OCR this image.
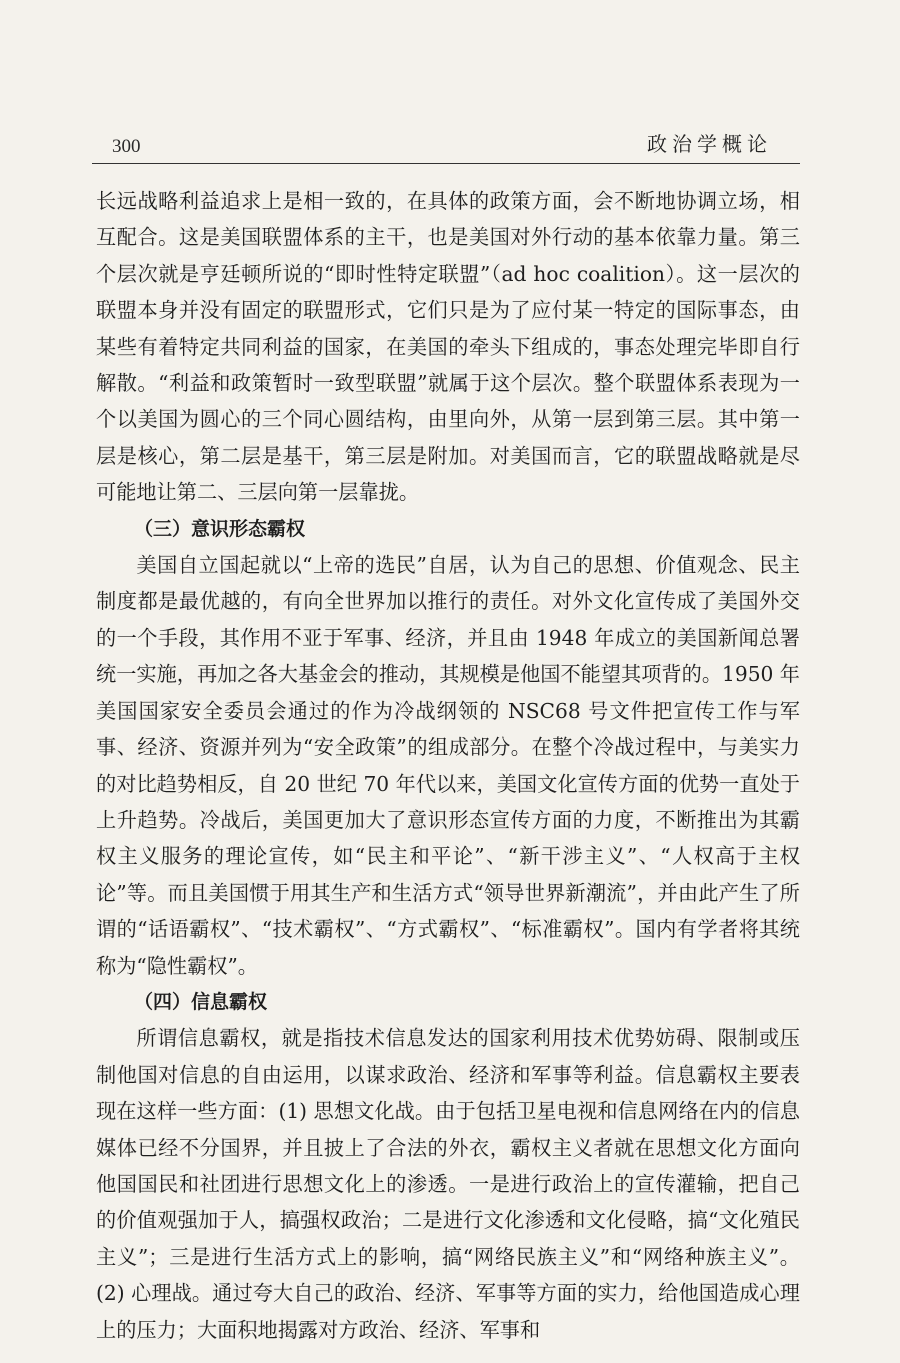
300	政治学概论

长远战略利益追求上是相一致的，在具体的政策方面，会不断地协调立场，相互配合。这是美国联盟体系的主干，也是美国对外行动的基本依靠力量。第三个层次就是亨廷顿所说的“即时性特定联盟”（ad hoc coalition）。这一层次的联盟本身并没有固定的联盟形式，它们只是为了应付某一特定的国际事态，由某些有着特定共同利益的国家，在美国的牵头下组成的，事态处理完毕即自行解散。“利益和政策暂时一致型联盟”就属于这个层次。整个联盟体系表现为一个以美国为圆心的三个同心圆结构，由里向外，从第一层到第三层。其中第一层是核心，第二层是基干，第三层是附加。对美国而言，它的联盟战略就是尽可能地让第二、三层向第一层靠拢。

（三）意识形态霸权

美国自立国起就以“上帝的选民”自居，认为自己的思想、价值观念、民主制度都是最优越的，有向全世界加以推行的责任。对外文化宣传成了美国外交的一个手段，其作用不亚于军事、经济，并且由 1948 年成立的美国新闻总署统一实施，再加之各大基金会的推动，其规模是他国不能望其项背的。1950 年美国国家安全委员会通过的作为冷战纲领的 NSC68 号文件把宣传工作与军事、经济、资源并列为“安全政策”的组成部分。在整个冷战过程中，与美实力的对比趋势相反，自 20 世纪 70 年代以来，美国文化宣传方面的优势一直处于上升趋势。冷战后，美国更加大了意识形态宣传方面的力度，不断推出为其霸权主义服务的理论宣传，如“民主和平论”、“新干涉主义”、“人权高于主权论”等。而且美国惯于用其生产和生活方式“领导世界新潮流”，并由此产生了所谓的“话语霸权”、“技术霸权”、“方式霸权”、“标准霸权”。国内有学者将其统称为“隐性霸权”。

（四）信息霸权

所谓信息霸权，就是指技术信息发达的国家利用技术优势妨碍、限制或压制他国对信息的自由运用，以谋求政治、经济和军事等利益。信息霸权主要表现在这样一些方面：(1) 思想文化战。由于包括卫星电视和信息网络在内的信息媒体已经不分国界，并且披上了合法的外衣，霸权主义者就在思想文化方面向他国国民和社团进行思想文化上的渗透。一是进行政治上的宣传灌输，把自己的价值观强加于人，搞强权政治；二是进行文化渗透和文化侵略，搞“文化殖民主义”；三是进行生活方式上的影响，搞“网络民族主义”和“网络种族主义”。(2) 心理战。通过夸大自己的政治、经济、军事等方面的实力，给他国造成心理上的压力；大面积地揭露对方政治、经济、军事和
